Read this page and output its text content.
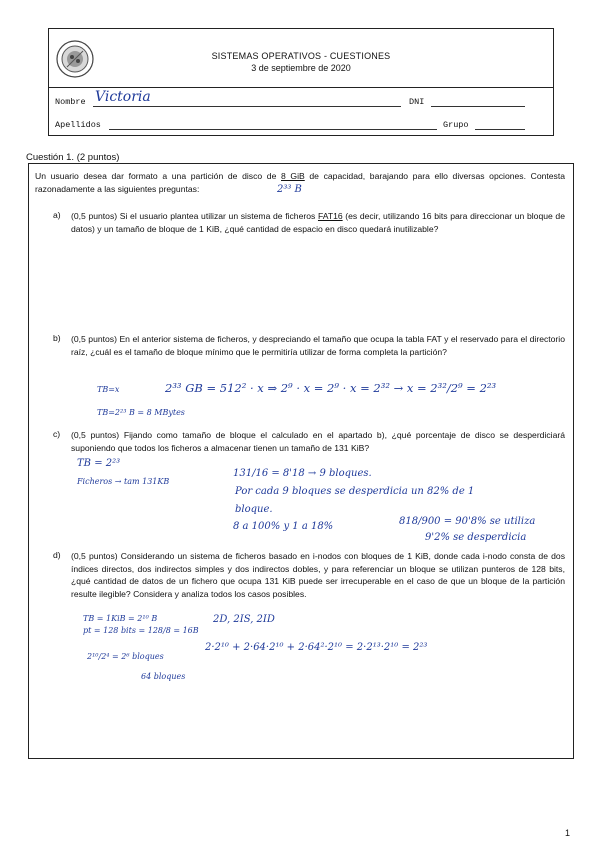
SISTEMAS OPERATIVOS - CUESTIONES
3 de septiembre de 2020
Nombre Victoria	DNI
Apellidos	Grupo
Cuestión 1. (2 puntos)
Un usuario desea dar formato a una partición de disco de 8 GiB de capacidad, barajando para ello diversas opciones. Contesta razonadamente a las siguientes preguntas:	2³³ B
a) (0,5 puntos) Si el usuario plantea utilizar un sistema de ficheros FAT16 (es decir, utilizando 16 bits para direccionar un bloque de datos) y un tamaño de bloque de 1 KiB, ¿qué cantidad de espacio en disco quedará inutilizable?
b) (0,5 puntos) En el anterior sistema de ficheros, y despreciando el tamaño que ocupa la tabla FAT y el reservado para el directorio raíz, ¿cuál es el tamaño de bloque mínimo que le permitiría utilizar de forma completa la partición?
TB=x	2³³ GB = 512² · x ⇒ 2⁹ · x = 2⁹ · x = 2³² → x = 2³²/2⁹ = 2²³
TB=2²³ B = 8 MBytes
c) (0,5 puntos) Fijando como tamaño de bloque el calculado en el apartado b), ¿qué porcentaje de disco se desperdiciará suponiendo que todos los ficheros a almacenar tienen un tamaño de 131 KiB?
TB = 2²³
Ficheros → tam 131KB
131/16 = 8'18 → 9 bloques.
Por cada 9 bloques se desperdicia un 82% de 1
bloque.
8 a 100% y 1 a 18%	818/900 = 90'8% se utiliza
9'2% se desperdicia
d) (0,5 puntos) Considerando un sistema de ficheros basado en i-nodos con bloques de 1 KiB, donde cada i-nodo consta de dos índices directos, dos indirectos simples y dos indirectos dobles, y para referenciar un bloque se utilizan punteros de 128 bits, ¿qué cantidad de datos de un fichero que ocupa 131 KiB puede ser irrecuperable en el caso de que un bloque de la partición resulte ilegible? Considera y analiza todos los casos posibles.
TB = 1KiB = 2¹⁰ B
pt = 128 bits = 128/8 = 16B
2D, 2IS, 2ID
2·2¹⁰ + 2·64·2¹⁰ + 2·64²·2¹⁰ = 2·2¹³·2¹⁰ = 2²³
2¹⁰/2⁴ = 2⁶ bloques
64 bloques
1
